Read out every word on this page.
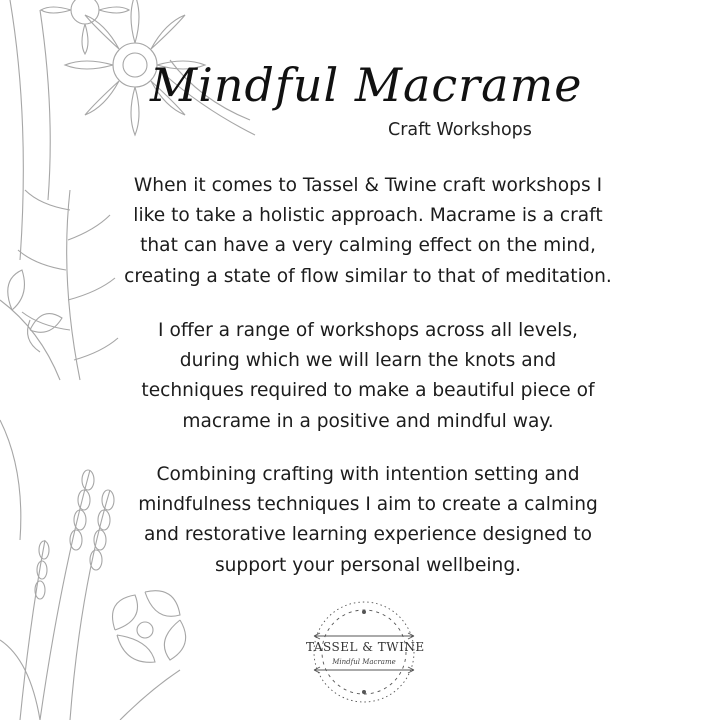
Mindful Macrame
Craft Workshops
When it comes to Tassel & Twine craft workshops I
like to take a holistic approach. Macrame is a craft
that can have a very calming effect on the mind,
creating a state of flow similar to that of meditation.
I offer a range of workshops across all levels,
during which we will learn the knots and
techniques required to make a beautiful piece of
macrame in a positive and mindful way.
Combining crafting with intention setting and
mindfulness techniques I aim to create a calming
and restorative learning experience designed to
support your personal wellbeing.
TASSEL & TWINE
Mindful Macrame
